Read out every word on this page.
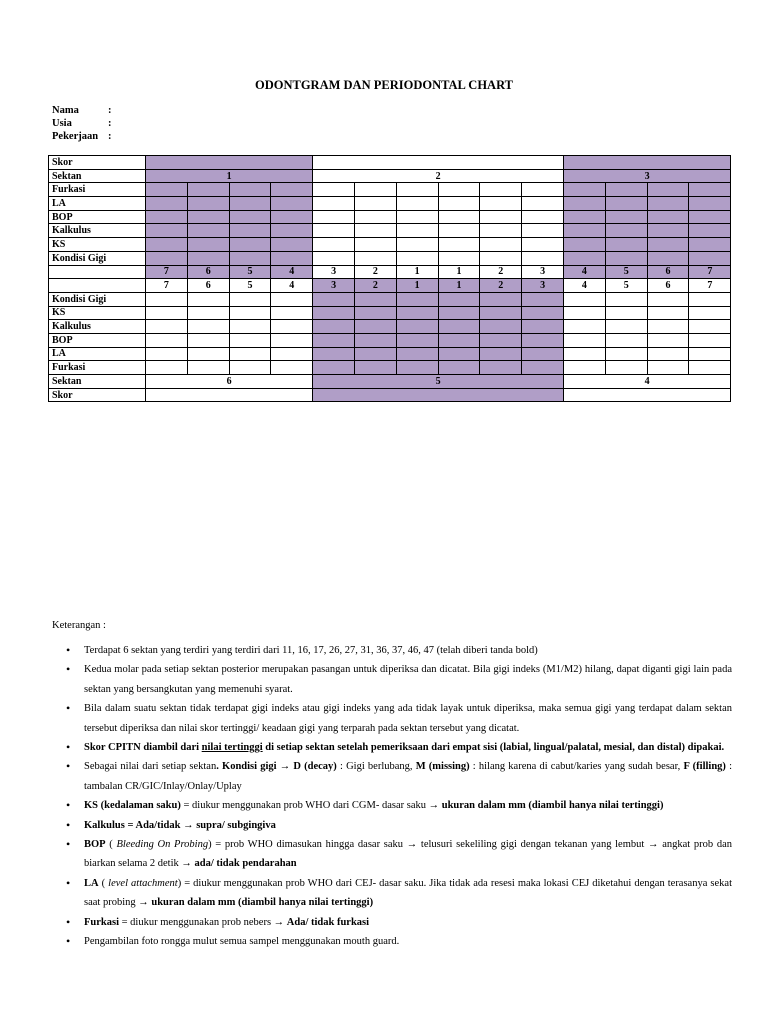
ODONTGRAM DAN PERIODONTAL CHART
Nama	:
Usia	:
Pekerjaan :
Skor														
Sektan	1				2						3			
Furkasi														
LA														
BOP														
Kalkulus														
KS														
Kondisi Gigi														
	7	6	5	4	3	2	1	1	2	3	4	5	6	7
	7	6	5	4	3	2	1	1	2	3	4	5	6	7
Kondisi Gigi														
KS														
Kalkulus														
BOP														
LA														
Furkasi														
Sektan	6				5						4			
Skor														
Keterangan :
• Terdapat 6 sektan yang terdiri yang terdiri dari 11, 16, 17, 26, 27, 31, 36, 37, 46, 47 (telah diberi tanda bold)
• Kedua molar pada setiap sektan posterior merupakan pasangan untuk diperiksa dan dicatat. Bila gigi indeks (M1/M2) hilang, dapat diganti gigi lain pada sektan yang bersangkutan yang memenuhi syarat.
• Bila dalam suatu sektan tidak terdapat gigi indeks atau gigi indeks yang ada tidak layak untuk diperiksa, maka semua gigi yang terdapat dalam sektan tersebut diperiksa dan nilai skor tertinggi/ keadaan gigi yang terparah pada sektan tersebut yang dicatat.
• Skor CPITN diambil dari nilai tertinggi di setiap sektan setelah pemeriksaan dari empat sisi (labial, lingual/palatal, mesial, dan distal) dipakai.
• Sebagai nilai dari setiap sektan. Kondisi gigi → D (decay) : Gigi berlubang, M (missing) : hilang karena di cabut/karies yang sudah besar, F (filling) : tambalan CR/GIC/Inlay/Onlay/Uplay
• KS (kedalaman saku) = diukur menggunakan prob WHO dari CGM- dasar saku → ukuran dalam mm (diambil hanya nilai tertinggi)
• Kalkulus = Ada/tidak → supra/ subgingiva
• BOP ( Bleeding On Probing) = prob WHO dimasukan hingga dasar saku → telusuri sekeliling gigi dengan tekanan yang lembut → angkat prob dan biarkan selama 2 detik → ada/ tidak pendarahan
• LA ( level attachment) = diukur menggunakan prob WHO dari CEJ- dasar saku. Jika tidak ada resesi maka lokasi CEJ diketahui dengan terasanya sekat saat probing → ukuran dalam mm (diambil hanya nilai tertinggi)
• Furkasi = diukur menggunakan prob nebers → Ada/ tidak furkasi
• Pengambilan foto rongga mulut semua sampel menggunakan mouth guard.
